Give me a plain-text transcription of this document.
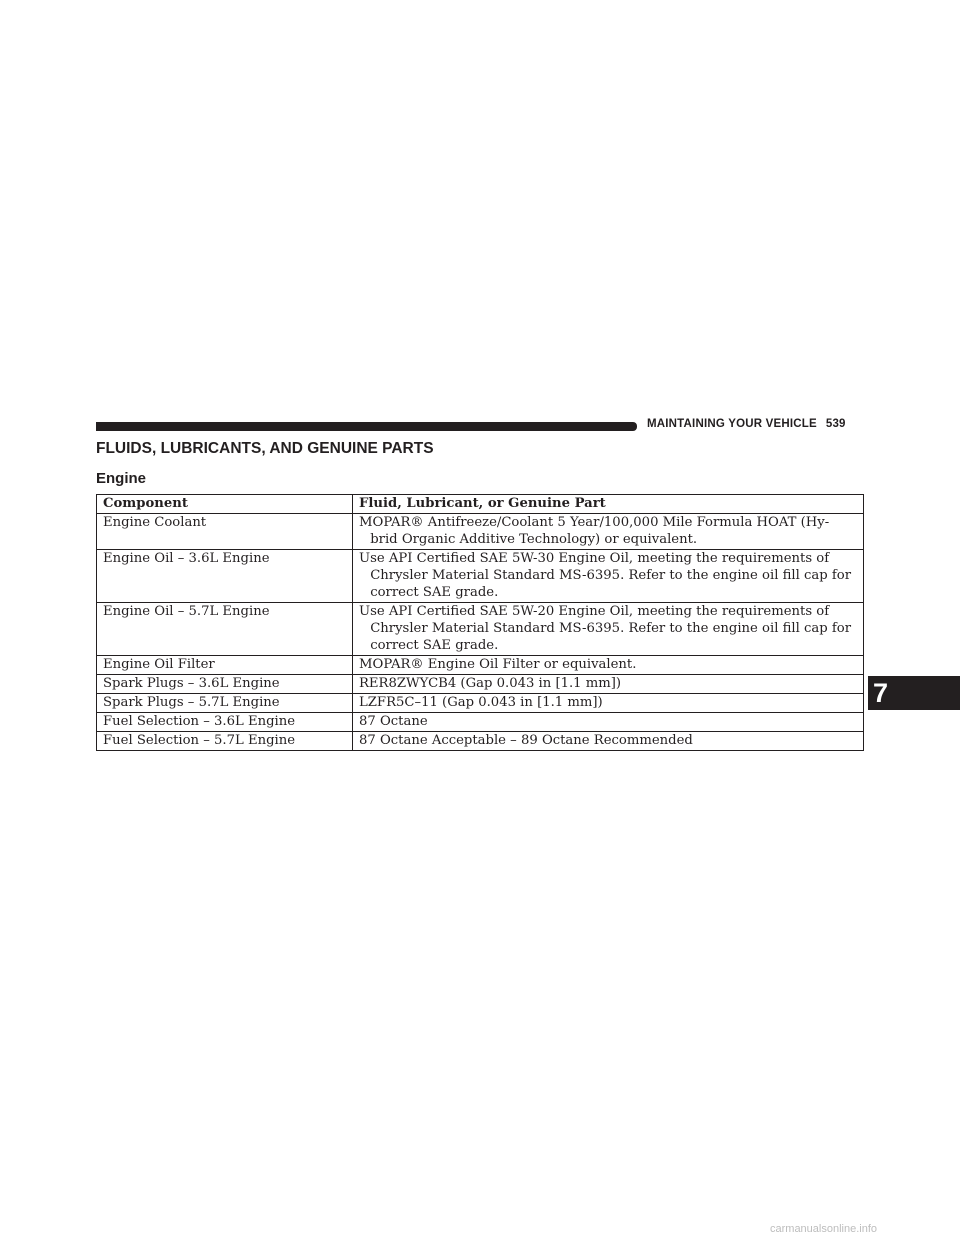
MAINTAINING YOUR VEHICLE 539
FLUIDS, LUBRICANTS, AND GENUINE PARTS
Engine
Component	Fluid, Lubricant, or Genuine Part

Engine Coolant	MOPAR® Antifreeze/Coolant 5 Year/100,000 Mile Formula HOAT (Hy- brid Organic Additive Technology) or equivalent.

Engine Oil – 3.6L Engine	Use API Certified SAE 5W-30 Engine Oil, meeting the requirements of Chrysler Material Standard MS-6395. Refer to the engine oil fill cap for correct SAE grade.

Engine Oil – 5.7L Engine	Use API Certified SAE 5W-20 Engine Oil, meeting the requirements of Chrysler Material Standard MS-6395. Refer to the engine oil fill cap for correct SAE grade.

Engine Oil Filter	MOPAR® Engine Oil Filter or equivalent.

Spark Plugs – 3.6L Engine	RER8ZWYCB4 (Gap 0.043 in [1.1 mm])

Spark Plugs – 5.7L Engine	LZFR5C–11 (Gap 0.043 in [1.1 mm])

Fuel Selection – 3.6L Engine	87 Octane

Fuel Selection – 5.7L Engine	87 Octane Acceptable – 89 Octane Recommended
7
carmanualsonline.info
